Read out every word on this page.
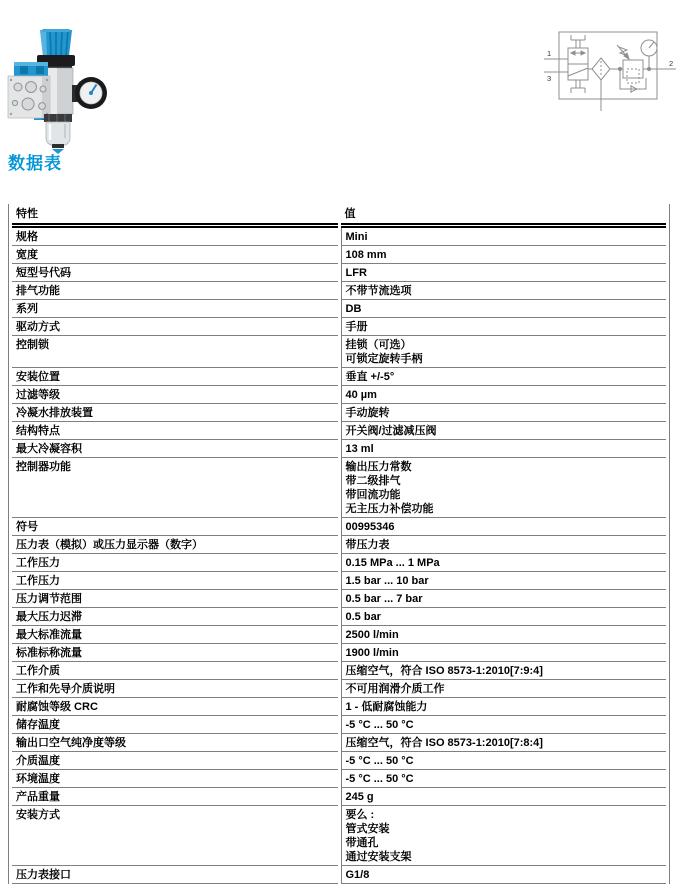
1
3
2
数据表
特性	值
规格	Mini
宽度	108 mm
短型号代码	LFR
排气功能	不带节流选项
系列	DB
驱动方式	手册
控制锁	挂锁（可选）
可锁定旋转手柄
安装位置	垂直 +/-5°
过滤等级	40 µm
冷凝水排放装置	手动旋转
结构特点	开关阀/过滤减压阀
最大冷凝容积	13 ml
控制器功能	输出压力常数
带二级排气
带回流功能
无主压力补偿功能
符号	00995346
压力表（模拟）或压力显示器（数字）	带压力表
工作压力	0.15 MPa ... 1 MPa
工作压力	1.5 bar ... 10 bar
压力调节范围	0.5 bar ... 7 bar
最大压力迟滞	0.5 bar
最大标准流量	2500 l/min
标准标称流量	1900 l/min
工作介质	压缩空气，符合 ISO 8573-1:2010[7:9:4]
工作和先导介质说明	不可用润滑介质工作
耐腐蚀等级 CRC	1 - 低耐腐蚀能力
储存温度	-5 °C ... 50 °C
输出口空气纯净度等级	压缩空气，符合 ISO 8573-1:2010[7:8:4]
介质温度	-5 °C ... 50 °C
环境温度	-5 °C ... 50 °C
产品重量	245 g
安装方式	要么 :
管式安装
带通孔
通过安装支架
压力表接口	G1/8
